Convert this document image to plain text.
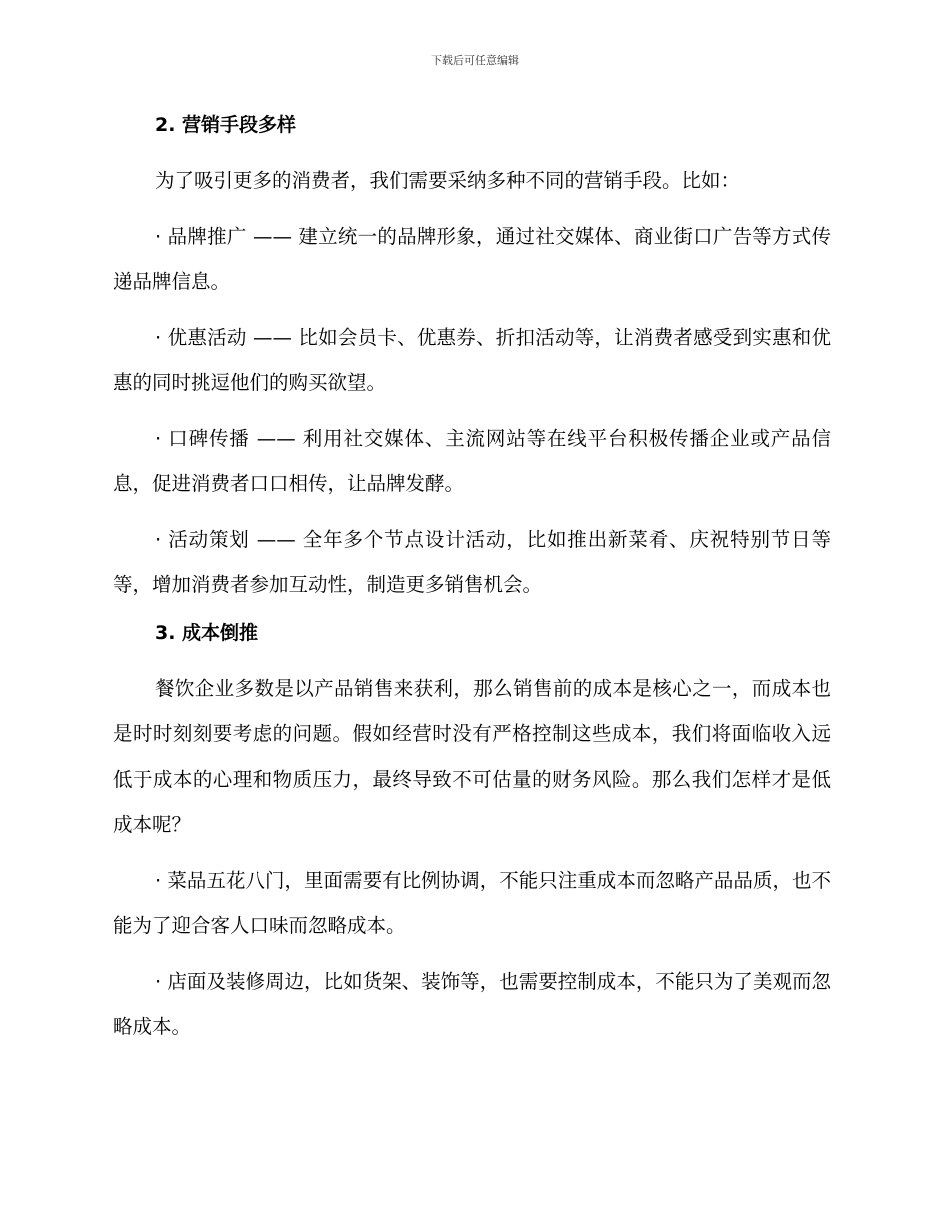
下载后可任意编辑
2. 营销手段多样

为了吸引更多的消费者，我们需要采纳多种不同的营销手段。比如：

· 品牌推广 —— 建立统一的品牌形象，通过社交媒体、商业街口广告等方式传递品牌信息。

· 优惠活动 —— 比如会员卡、优惠券、折扣活动等，让消费者感受到实惠和优惠的同时挑逗他们的购买欲望。

· 口碑传播 —— 利用社交媒体、主流网站等在线平台积极传播企业或产品信息，促进消费者口口相传，让品牌发酵。

· 活动策划 —— 全年多个节点设计活动，比如推出新菜肴、庆祝特别节日等等，增加消费者参加互动性，制造更多销售机会。

3. 成本倒推

餐饮企业多数是以产品销售来获利，那么销售前的成本是核心之一，而成本也是时时刻刻要考虑的问题。假如经营时没有严格控制这些成本，我们将面临收入远低于成本的心理和物质压力，最终导致不可估量的财务风险。那么我们怎样才是低成本呢？

· 菜品五花八门，里面需要有比例协调，不能只注重成本而忽略产品品质，也不能为了迎合客人口味而忽略成本。

· 店面及装修周边，比如货架、装饰等，也需要控制成本，不能只为了美观而忽略成本。
